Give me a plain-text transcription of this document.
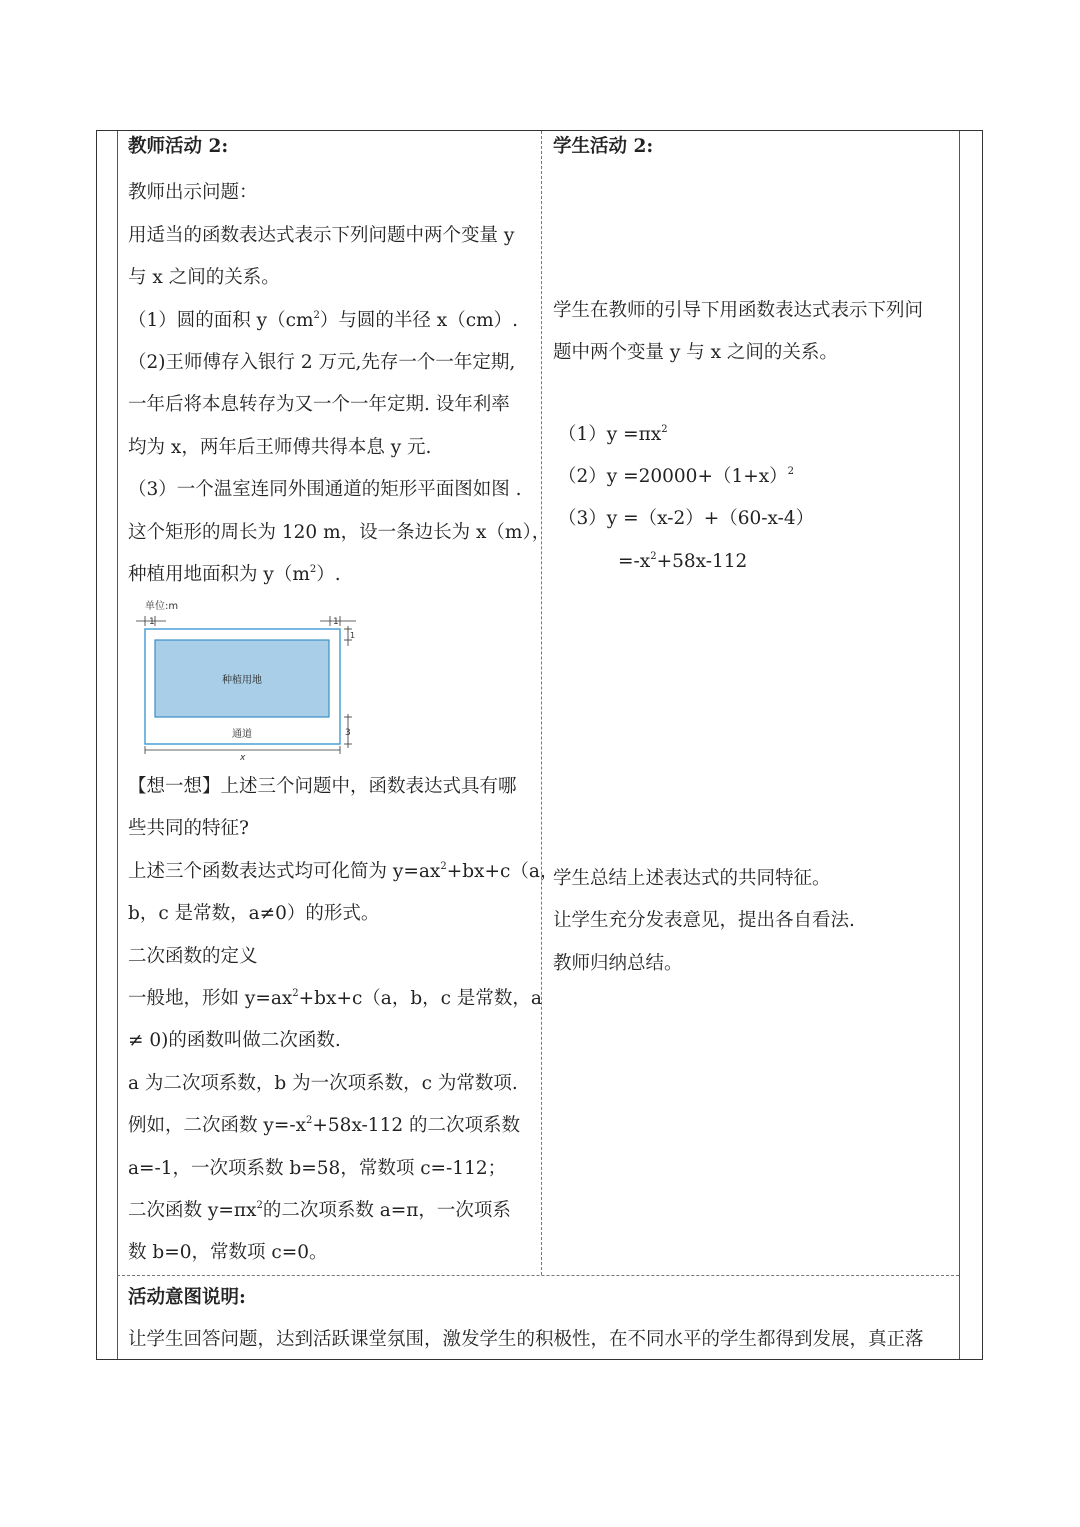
教师活动 2:
教师出示问题：
用适当的函数表达式表示下列问题中两个变量 y
与 x 之间的关系。
（1）圆的面积 $y(cm^2)$与圆的半径 x（cm）.
（2)王师傅存入银行 2 万元,先存一个一年定期,
一年后将本息转存为又一个一年定期. 设年利率
均为 x，两年后王师傅共得本息 y 元.
（3）一个温室连同外围通道的矩形平面图如图 .
这个矩形的周长为 120 m，设一条边长为 x（m），
种植用地面积为 $y(m^2)$.
单位:m
1	1
1
种植用地
通道	3
x
【想一想】上述三个问题中，函数表达式具有哪
些共同的特征?
上述三个函数表达式均可化简为 $y=ax^2+bx+c(a$，
b，c 是常数，a≠0）的形式。
二次函数的定义
一般地，形如 $y=ax^2+bx+c(a$，b，c 是常数，a
≠ 0)的函数叫做二次函数.
a 为二次项系数，b 为一次项系数，c 为常数项.
例如，二次函数 $y=-x^2+58x-112$ 的二次项系数
a=-1，一次项系数 b=58，常数项 c=-112；
二次函数 $y=\pi x^2$的二次项系数 a=π，一次项系
数 b=0，常数项 c=0。
学生活动 2:
学生在教师的引导下用函数表达式表示下列问
题中两个变量 y 与 x 之间的关系。
$(1)y =\pi x^2$
$(2)y =20000+(1+x)^2$
（3）y =（x-2）+（60-x-4）
$=-x^2+58x-112$
学生总结上述表达式的共同特征。
让学生充分发表意见，提出各自看法.
教师归纳总结。
活动意图说明:
让学生回答问题，达到活跃课堂氛围，激发学生的积极性，在不同水平的学生都得到发展，真正落
